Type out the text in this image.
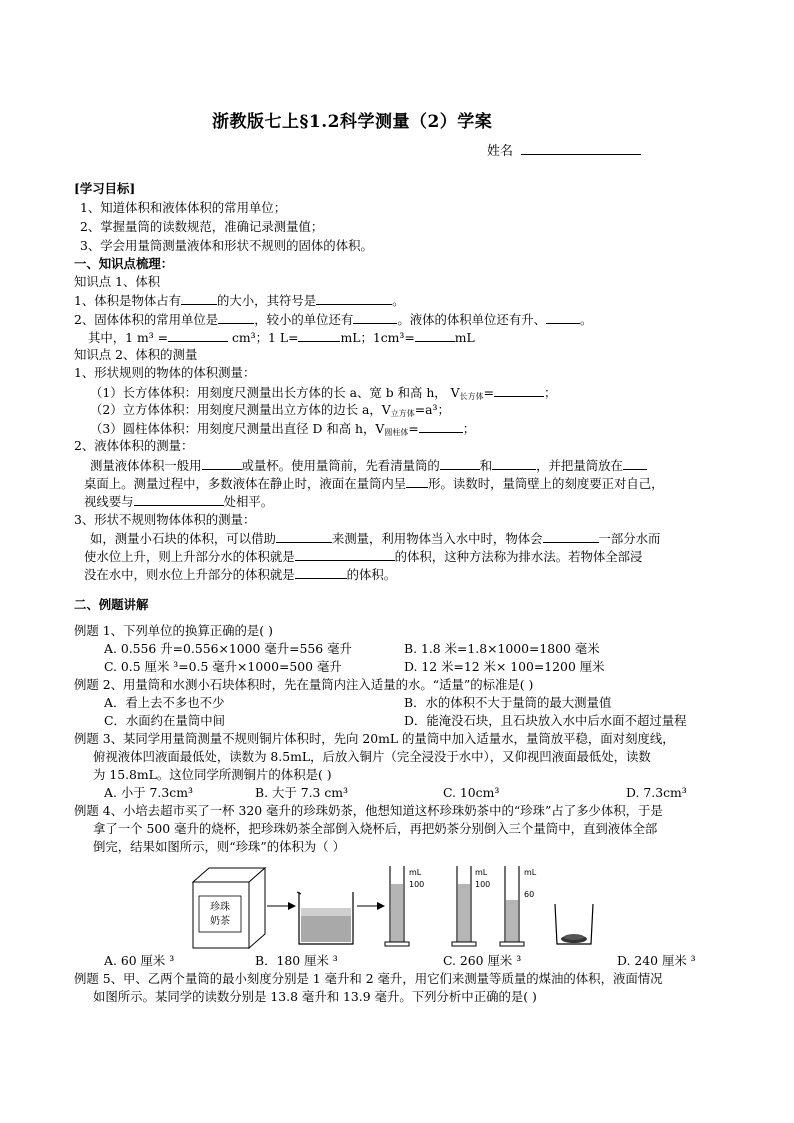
浙教版七上§1.2科学测量（2）学案
姓名
[学习目标]
1、知道体积和液体体积的常用单位；
2、掌握量筒的读数规范，准确记录测量值；
3、学会用量筒测量液体和形状不规则的固体的体积。
一、知识点梳理：
知识点 1、体积
1、体积是物体占有	的大小，其符号是	。
2、固体体积的常用单位是	，较小的单位还有	。液体的体积单位还有升、	。
其中，1 m³ =	cm³；1 L=	mL；1cm³=	mL
知识点 2、体积的测量
1、形状规则的物体的体积测量：
（1）长方体体积：用刻度尺测量出长方体的长 a、宽 b 和高 h， $V_{长方体}=$	；
（2）立方体体积：用刻度尺测量出立方体的边长 a，$V_{立方体}=a^3$；
（3）圆柱体体积：用刻度尺测量出直径 D 和高 h，$V_{圆柱体}=$	；
2、液体体积的测量：
测量液体体积一般用	或量杯。使用量筒前，先看清量筒的	和	，并把量筒放在
桌面上。测量过程中，多数液体在静止时，液面在量筒内呈 形。读数时，量筒壁上的刻度要正对自己，
视线要与	处相平。
3、形状不规则物体体积的测量：
如，测量小石块的体积，可以借助	来测量，利用物体当入水中时，物体会	一部分水而
使水位上升，则上升部分水的体积就是	的体积，这种方法称为排水法。若物体全部浸
没在水中，则水位上升部分的体积就是	的体积。
二、例题讲解
例题 1、下列单位的换算正确的是( )
A. 0.556 升=0.556×1000 毫升=556 毫升	B. 1.8 米=1.8×1000=1800 毫米
C. 0.5 厘米 ³=0.5 毫升×1000=500 毫升	D. 12 米=12 米× 100=1200 厘米
例题 2、用量筒和水测小石块体积时，先在量筒内注入适量的水。“适量”的标准是( )
A．看上去不多也不少	B．水的体积不大于量筒的最大测量值
C．水面约在量筒中间	D．能淹没石块，且石块放入水中后水面不超过量程
例题 3、某同学用量筒测量不规则铜片体积时，先向 20mL 的量筒中加入适量水，量筒放平稳，面对刻度线，
俯视液体凹液面最低处，读数为 8.5mL，后放入铜片（完全浸没于水中），又仰视凹液面最低处，读数
为 15.8mL。这位同学所测铜片的体积是( )
A. 小于 7.3cm³	B. 大于 7.3 cm³	C. 10cm³	D. 7.3cm³
例题 4、小培去超市买了一杯 320 毫升的珍珠奶茶，他想知道这杯珍珠奶茶中的“珍珠”占了多少体积，于是
拿了一个 500 毫升的烧杯，把珍珠奶茶全部倒入烧杯后，再把奶茶分别倒入三个量筒中，直到液体全部
倒完，结果如图所示，则“珍珠”的体积为（ ）
珍珠
奶茶
mL
100
mL
100
mL
60
A. 60 厘米 ³	B．180 厘米 ³	C. 260 厘米 ³	D. 240 厘米 ³
例题 5、甲、乙两个量筒的最小刻度分别是 1 毫升和 2 毫升，用它们来测量等质量的煤油的体积，液面情况
如图所示。某同学的读数分别是 13.8 毫升和 13.9 毫升。下列分析中正确的是( )
